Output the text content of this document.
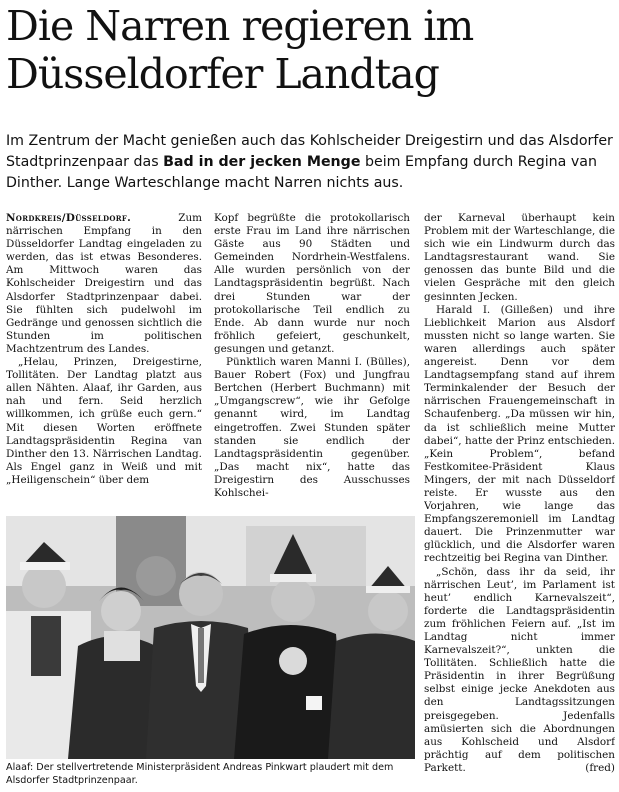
Die Narren regieren im
Düsseldorfer Landtag

Im Zentrum der Macht genießen auch das Kohlscheider Dreigestirn und das Alsdorfer Stadtprinzenpaar das Bad in der jecken Menge beim Empfang durch Regina van Dinther. Lange Warteschlange macht Narren nichts aus.

Nordkreis/Düsseldorf.	Zum närrischen Empfang in den Düsseldorfer Landtag eingeladen zu werden, das ist etwas Besonderes. Am Mittwoch waren das Kohlscheider Dreigestirn und das Alsdorfer Stadtprinzenpaar dabei. Sie fühlten sich pudelwohl im Gedränge und genossen sichtlich die Stunden im politischen Machtzentrum des Landes.

„Helau, Prinzen, Dreigestirne, Tollitäten. Der Landtag platzt aus allen Nähten. Alaaf, ihr Garden, aus nah und fern. Seid herzlich willkommen, ich grüße euch gern.“ Mit diesen Worten eröffnete Landtagspräsidentin Regina van Dinther den 13. Närrischen Landtag. Als Engel ganz in Weiß und mit „Heiligenschein“ über dem

Kopf begrüßte die protokollarisch erste Frau im Land ihre närrischen Gäste aus 90 Städten und Gemeinden Nordrhein-Westfalens. Alle wurden persönlich von der Landtagspräsidentin begrüßt. Nach drei Stunden war der protokollarische Teil endlich zu Ende. Ab dann wurde nur noch fröhlich gefeiert, geschunkelt, gesungen und getanzt.

Pünktlich waren Manni I. (Bülles), Bauer Robert (Fox) und Jungfrau Bertchen (Herbert Buchmann) mit „Umgangscrew“, wie ihr Gefolge genannt wird, im Landtag eingetroffen. Zwei Stunden später standen sie endlich der Landtagspräsidentin gegenüber. „Das macht nix“, hatte das Dreigestirn des Ausschusses Kohlschei-

der Karneval überhaupt kein Problem mit der Warteschlange, die sich wie ein Lindwurm durch das Landtagsrestaurant wand. Sie genossen das bunte Bild und die vielen Gespräche mit den gleich gesinnten Jecken.

Harald I. (Gilleßen) und ihre Lieblichkeit Marion aus Alsdorf mussten nicht so lange warten. Sie waren allerdings auch später angereist. Denn vor dem Landtagsempfang stand auf ihrem Terminkalender der Besuch der närrischen Frauengemeinschaft in Schaufenberg. „Da müssen wir hin, da ist schließlich meine Mutter dabei“, hatte der Prinz entschieden. „Kein Problem“, befand Festkomitee-Präsident Klaus Mingers, der mit nach Düsseldorf reiste. Er wusste aus den Vorjahren, wie lange das Empfangszeremoniell im Landtag dauert. Die Prinzenmutter war glücklich, und die Alsdorfer waren rechtzeitig bei Regina van Dinther.

„Schön, dass ihr da seid, ihr närrischen Leut’, im Parlament ist heut’ endlich Karnevalszeit“, forderte die Landtagspräsidentin zum fröhlichen Feiern auf. „Ist im Landtag nicht immer Karnevalszeit?“, unkten die Tollitäten. Schließlich hatte die Präsidentin in ihrer Begrüßung selbst einige jecke Anekdoten aus den Landtagssitzungen preisgegeben. Jedenfalls amüsierten sich die Abordnungen aus Kohlscheid und Alsdorf prächtig auf dem politischen Parkett.	(fred)

Alaaf: Der stellvertretende Ministerpräsident Andreas Pinkwart plaudert mit dem Alsdorfer Stadtprinzenpaar.
